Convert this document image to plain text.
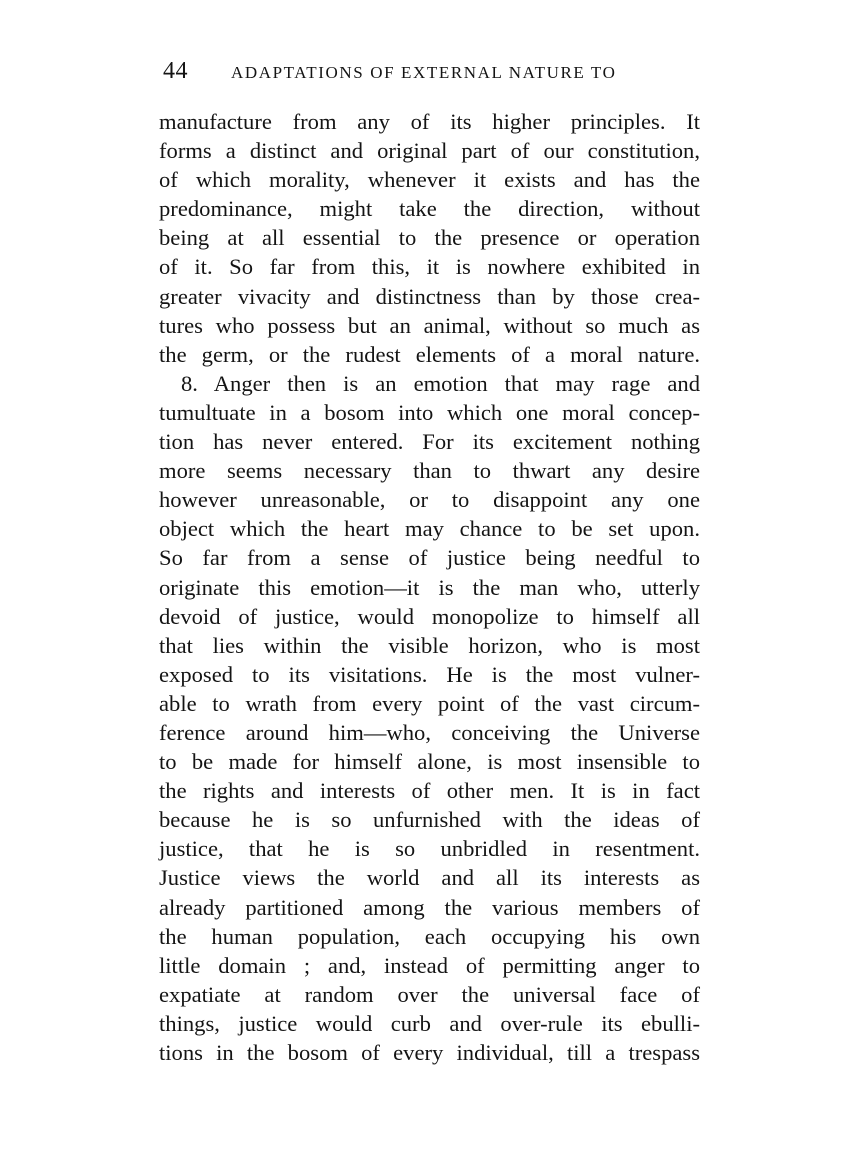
44	ADAPTATIONS OF EXTERNAL NATURE TO
manufacture from any of its higher principles. It
forms a distinct and original part of our constitution,
of which morality, whenever it exists and has the
predominance, might take the direction, without
being at all essential to the presence or operation
of it. So far from this, it is nowhere exhibited in
greater vivacity and distinctness than by those crea-
tures who possess but an animal, without so much as
the germ, or the rudest elements of a moral nature.
8. Anger then is an emotion that may rage and
tumultuate in a bosom into which one moral concep-
tion has never entered. For its excitement nothing
more seems necessary than to thwart any desire
however unreasonable, or to disappoint any one
object which the heart may chance to be set upon.
So far from a sense of justice being needful to
originate this emotion—it is the man who, utterly
devoid of justice, would monopolize to himself all
that lies within the visible horizon, who is most
exposed to its visitations. He is the most vulner-
able to wrath from every point of the vast circum-
ference around him—who, conceiving the Universe
to be made for himself alone, is most insensible to
the rights and interests of other men. It is in fact
because he is so unfurnished with the ideas of
justice, that he is so unbridled in resentment.
Justice views the world and all its interests as
already partitioned among the various members of
the human population, each occupying his own
little domain ; and, instead of permitting anger to
expatiate at random over the universal face of
things, justice would curb and over-rule its ebulli-
tions in the bosom of every individual, till a trespass
